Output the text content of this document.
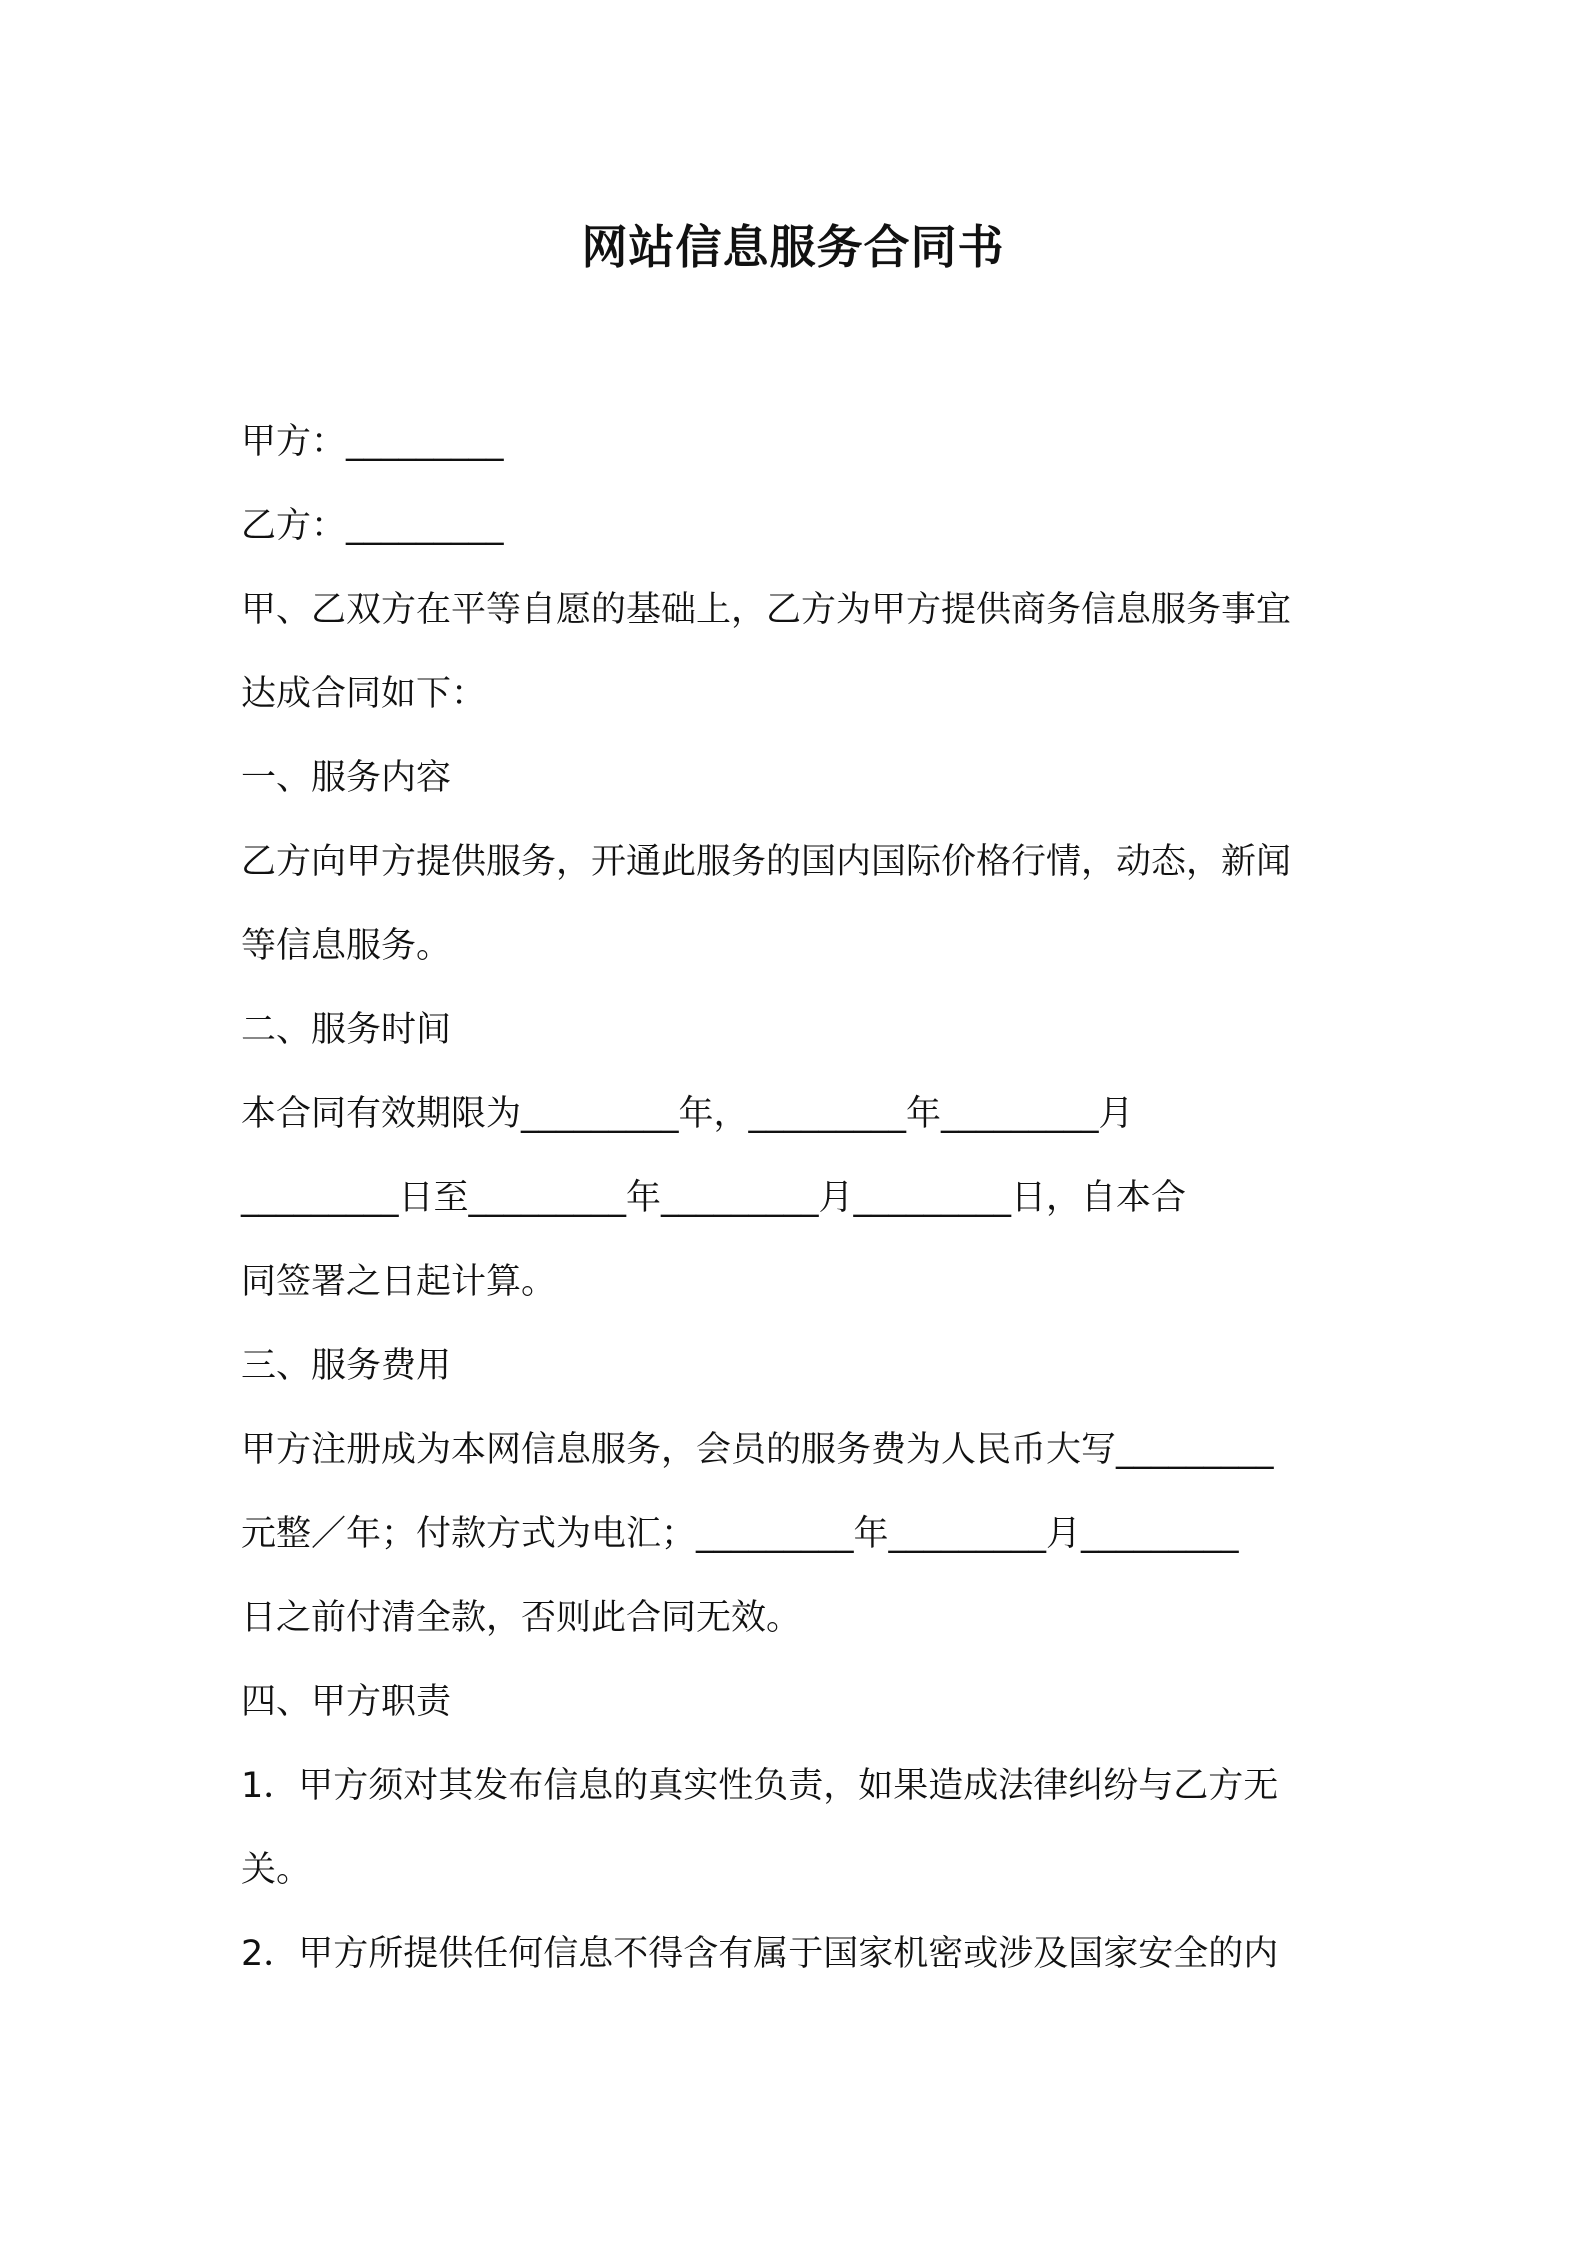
网站信息服务合同书
甲方：_________
乙方：_________
甲、乙双方在平等自愿的基础上，乙方为甲方提供商务信息服务事宜
达成合同如下：
一、服务内容
乙方向甲方提供服务，开通此服务的国内国际价格行情，动态，新闻
等信息服务。
二、服务时间
本合同有效期限为_________年，_________年_________月
_________日至_________年_________月_________日，自本合
同签署之日起计算。
三、服务费用
甲方注册成为本网信息服务，会员的服务费为人民币大写_________
元整／年；付款方式为电汇；_________年_________月_________
日之前付清全款，否则此合同无效。
四、甲方职责
1．甲方须对其发布信息的真实性负责，如果造成法律纠纷与乙方无
关。
2．甲方所提供任何信息不得含有属于国家机密或涉及国家安全的内
